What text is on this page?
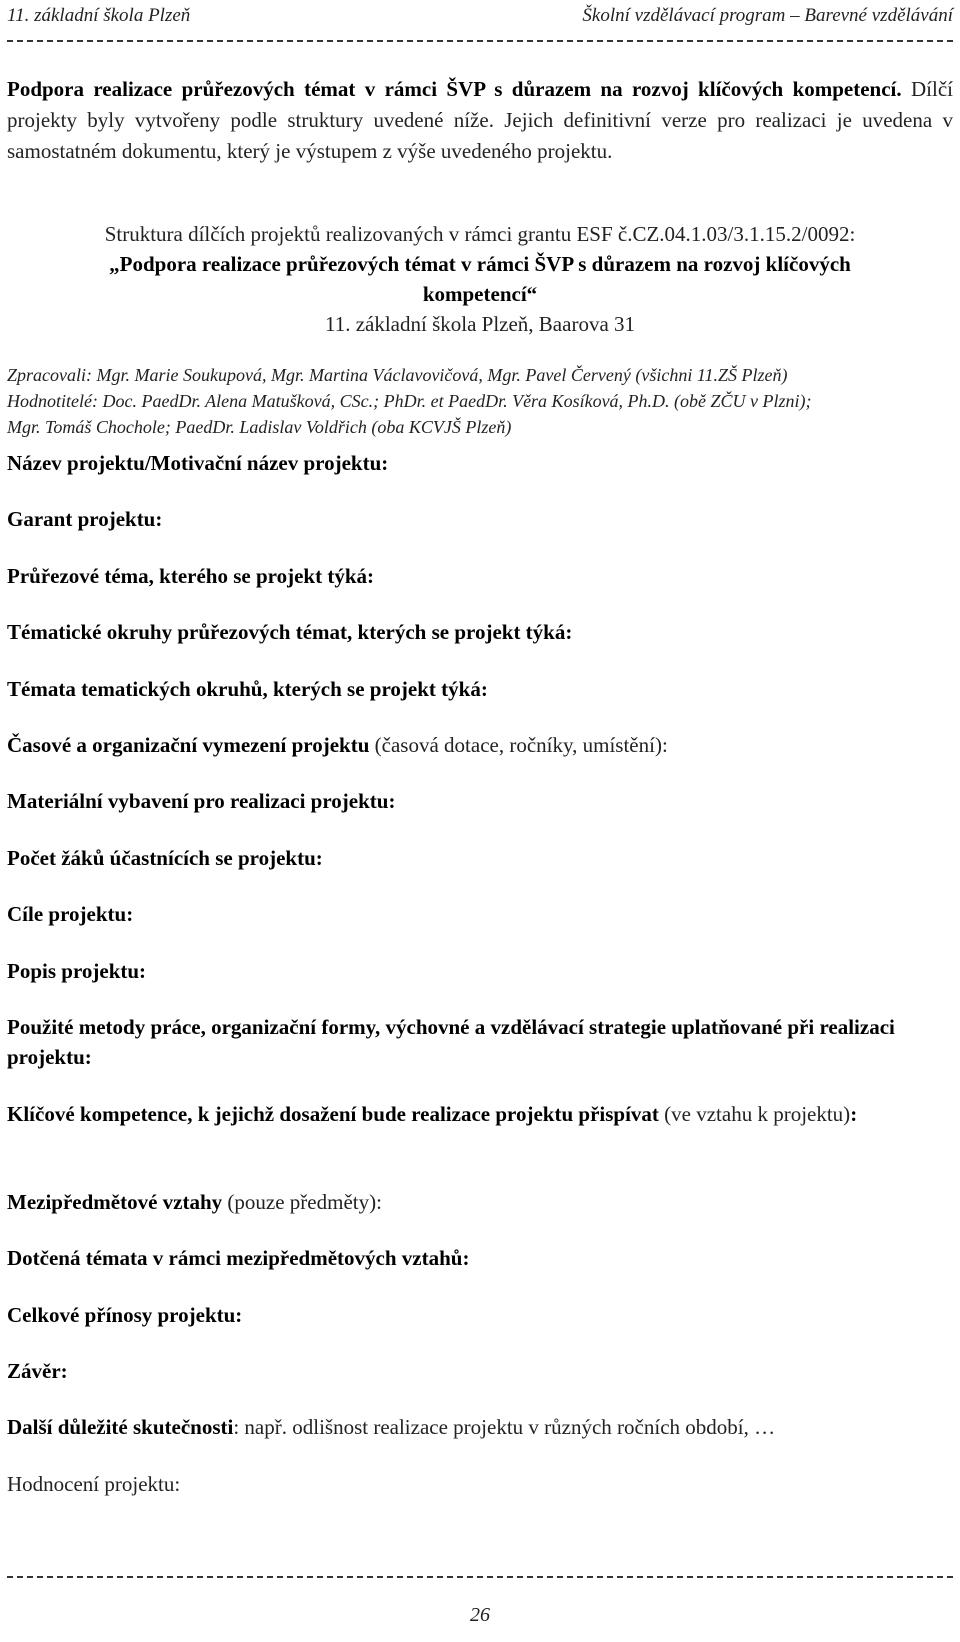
11. základní škola Plzeň	Školní vzdělávací program – Barevné vzdělávání
Podpora realizace průřezových témat v rámci ŠVP s důrazem na rozvoj klíčových kompetencí. Dílčí projekty byly vytvořeny podle struktury uvedené níže. Jejich definitivní verze pro realizaci je uvedena v samostatném dokumentu, který je výstupem z výše uvedeného projektu.
Struktura dílčích projektů realizovaných v rámci grantu ESF č.CZ.04.1.03/3.1.15.2/0092:
„Podpora realizace průřezových témat v rámci ŠVP s důrazem na rozvoj klíčových kompetencí“
11. základní škola Plzeň, Baarova 31
Zpracovali: Mgr. Marie Soukupová, Mgr. Martina Václavovičová, Mgr. Pavel Červený (všichni 11.ZŠ Plzeň)
Hodnotitelé: Doc. PaedDr. Alena Matušková, CSc.; PhDr. et PaedDr. Věra Kosíková, Ph.D. (obě ZČU v Plzni);
Mgr. Tomáš Chochole; PaedDr. Ladislav Voldřich (oba KCVJŠ Plzeň)
Název projektu/Motivační název projektu:
Garant projektu:
Průřezové téma, kterého se projekt týká:
Tématické okruhy průřezových témat, kterých se projekt týká:
Témata tematických okruhů, kterých se projekt týká:
Časové a organizační vymezení projektu (časová dotace, ročníky, umístění):
Materiální vybavení pro realizaci projektu:
Počet žáků účastnících se projektu:
Cíle projektu:
Popis projektu:
Použité metody práce, organizační formy, výchovné a vzdělávací strategie uplatňované při realizaci projektu:
Klíčové kompetence, k jejichž dosažení bude realizace projektu přispívat (ve vztahu k projektu):
Mezipředmětové vztahy (pouze předměty):
Dotčená témata v rámci mezipředmětových vztahů:
Celkové přínosy projektu:
Závěr:
Další důležité skutečnosti: např. odlišnost realizace projektu v různých ročních období, …
Hodnocení projektu:
26
